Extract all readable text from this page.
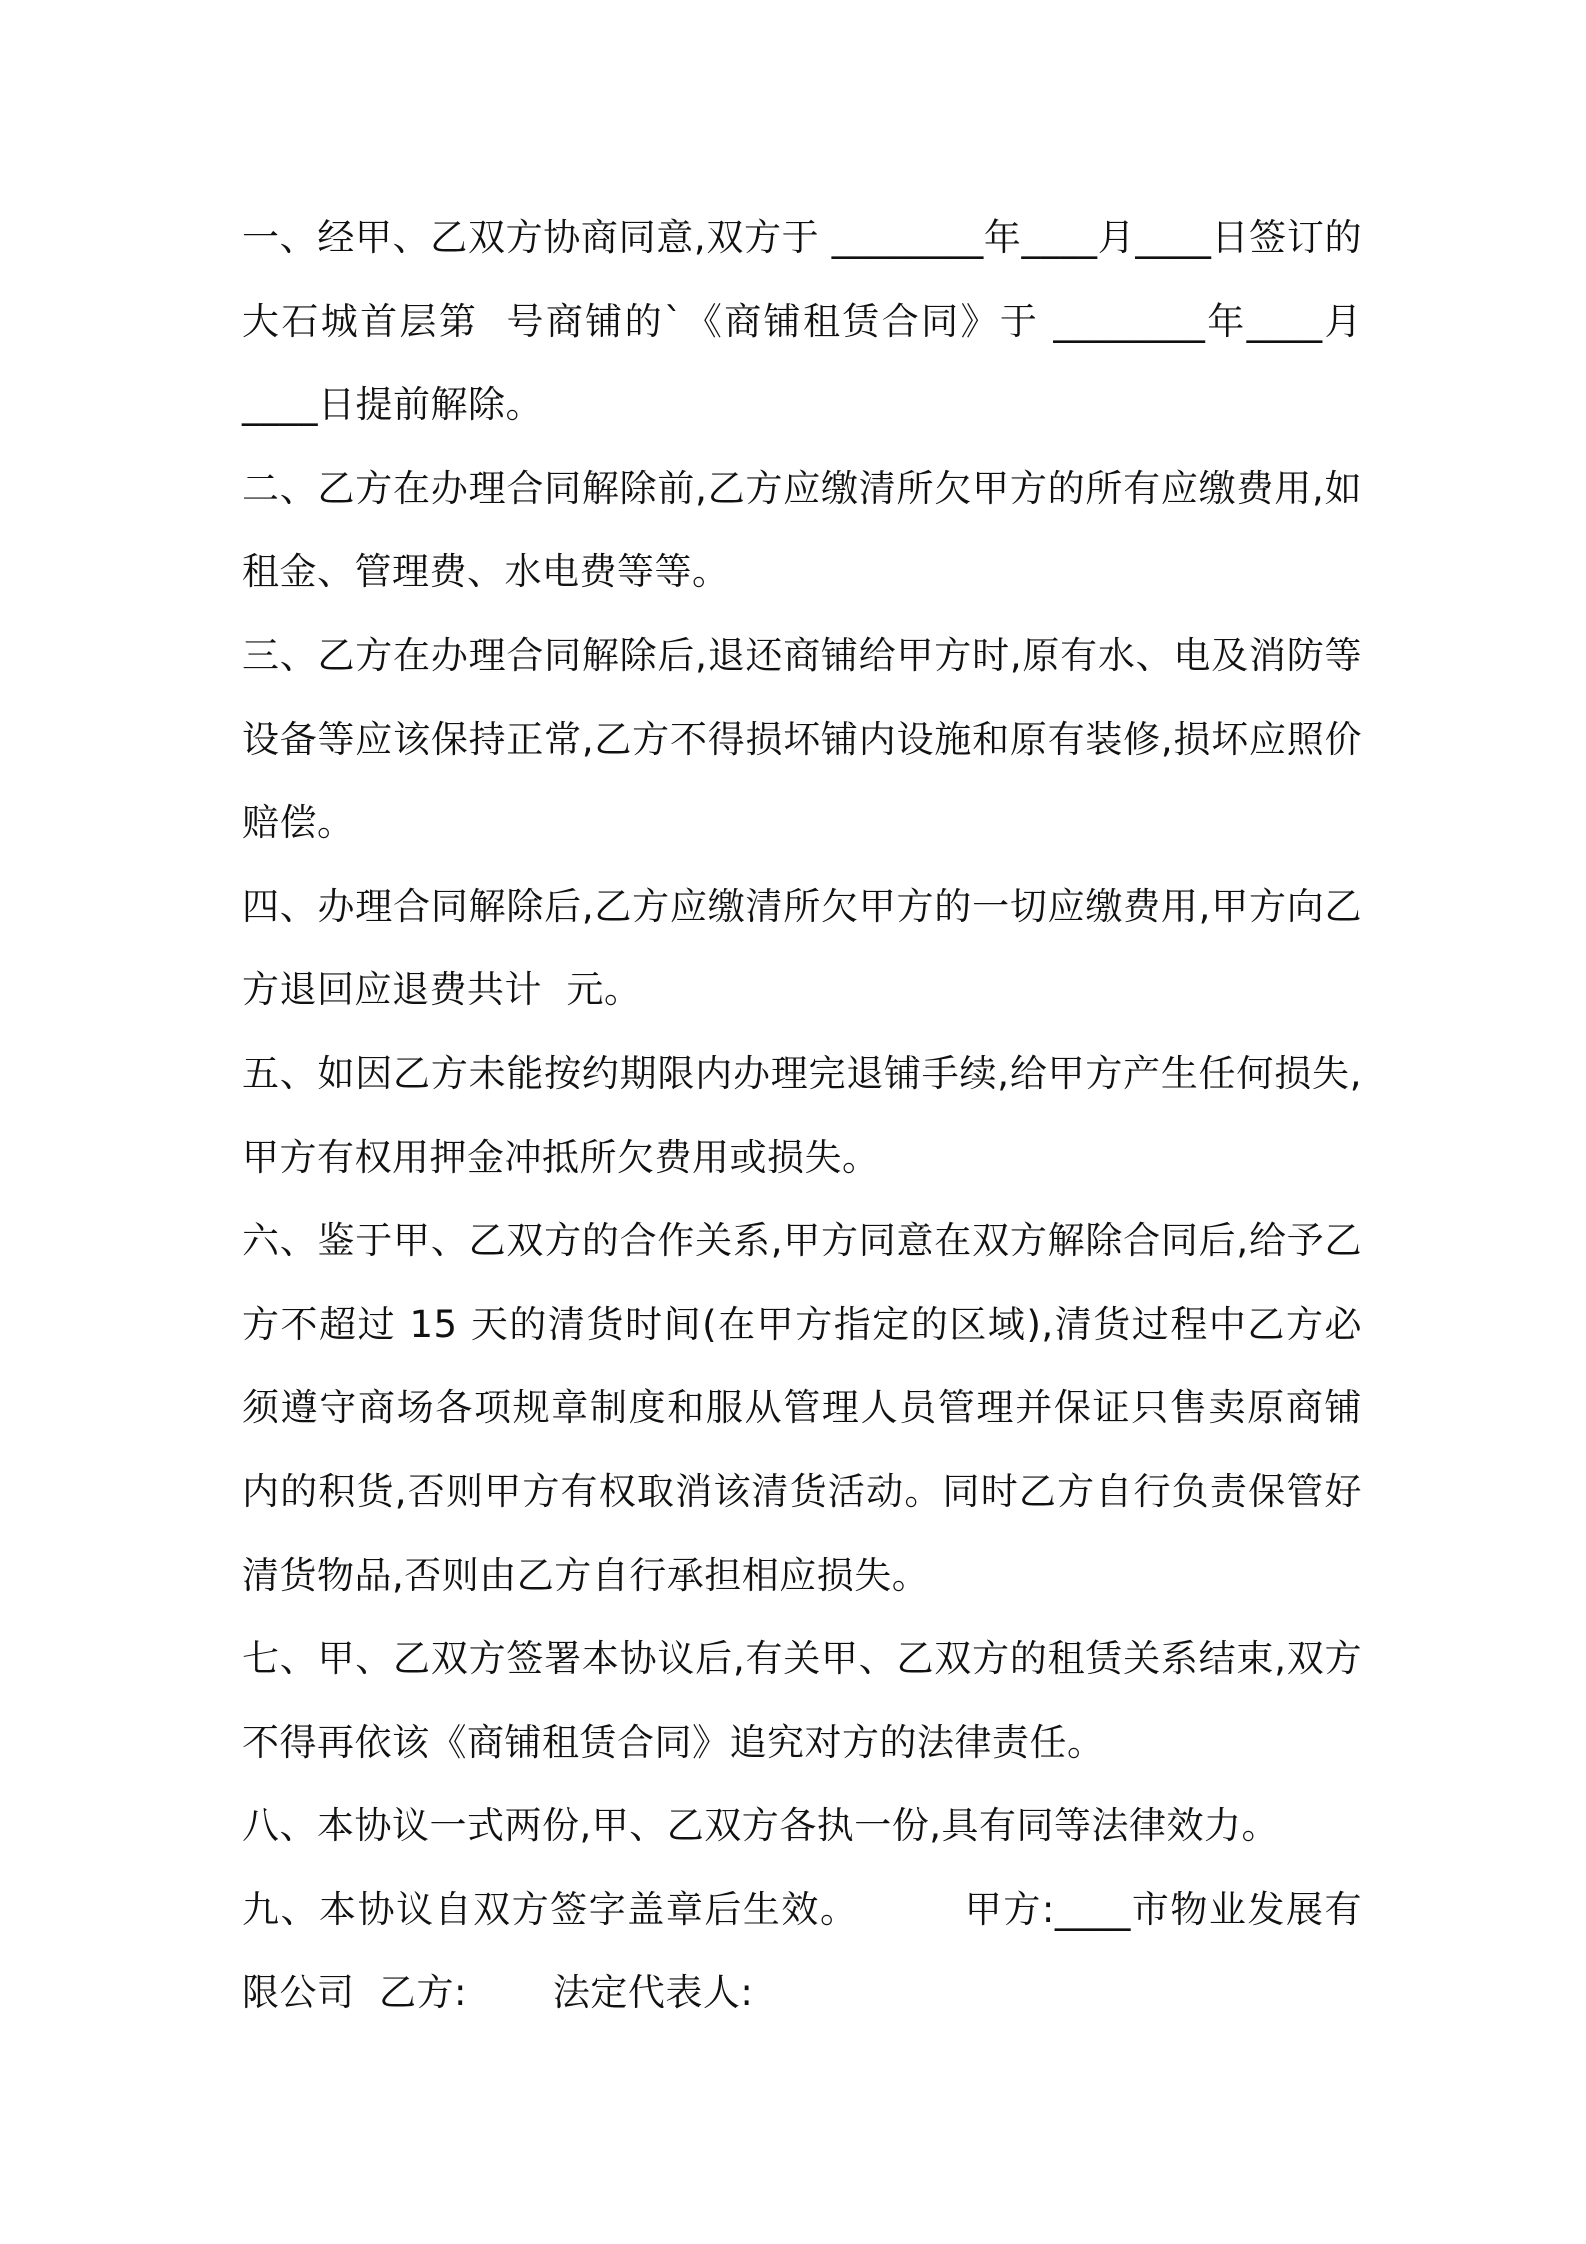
一、经甲、乙双方协商同意,双方于 ________年____月____日签订的大石城首层第  号商铺的`《商铺租赁合同》于 ________年____月____日提前解除。

二、乙方在办理合同解除前,乙方应缴清所欠甲方的所有应缴费用,如租金、管理费、水电费等等。

三、乙方在办理合同解除后,退还商铺给甲方时,原有水、电及消防等设备等应该保持正常,乙方不得损坏铺内设施和原有装修,损坏应照价赔偿。

四、办理合同解除后,乙方应缴清所欠甲方的一切应缴费用,甲方向乙方退回应退费共计  元。

五、如因乙方未能按约期限内办理完退铺手续,给甲方产生任何损失,甲方有权用押金冲抵所欠费用或损失。

六、鉴于甲、乙双方的合作关系,甲方同意在双方解除合同后,给予乙方不超过 15 天的清货时间(在甲方指定的区域),清货过程中乙方必须遵守商场各项规章制度和服从管理人员管理并保证只售卖原商铺内的积货,否则甲方有权取消该清货活动。同时乙方自行负责保管好清货物品,否则由乙方自行承担相应损失。

七、甲、乙双方签署本协议后,有关甲、乙双方的租赁关系结束,双方不得再依该《商铺租赁合同》追究对方的法律责任。

八、本协议一式两份,甲、乙双方各执一份,具有同等法律效力。

九、本协议自双方签字盖章后生效。        甲方:____市物业发展有限公司  乙方:       法定代表人:
